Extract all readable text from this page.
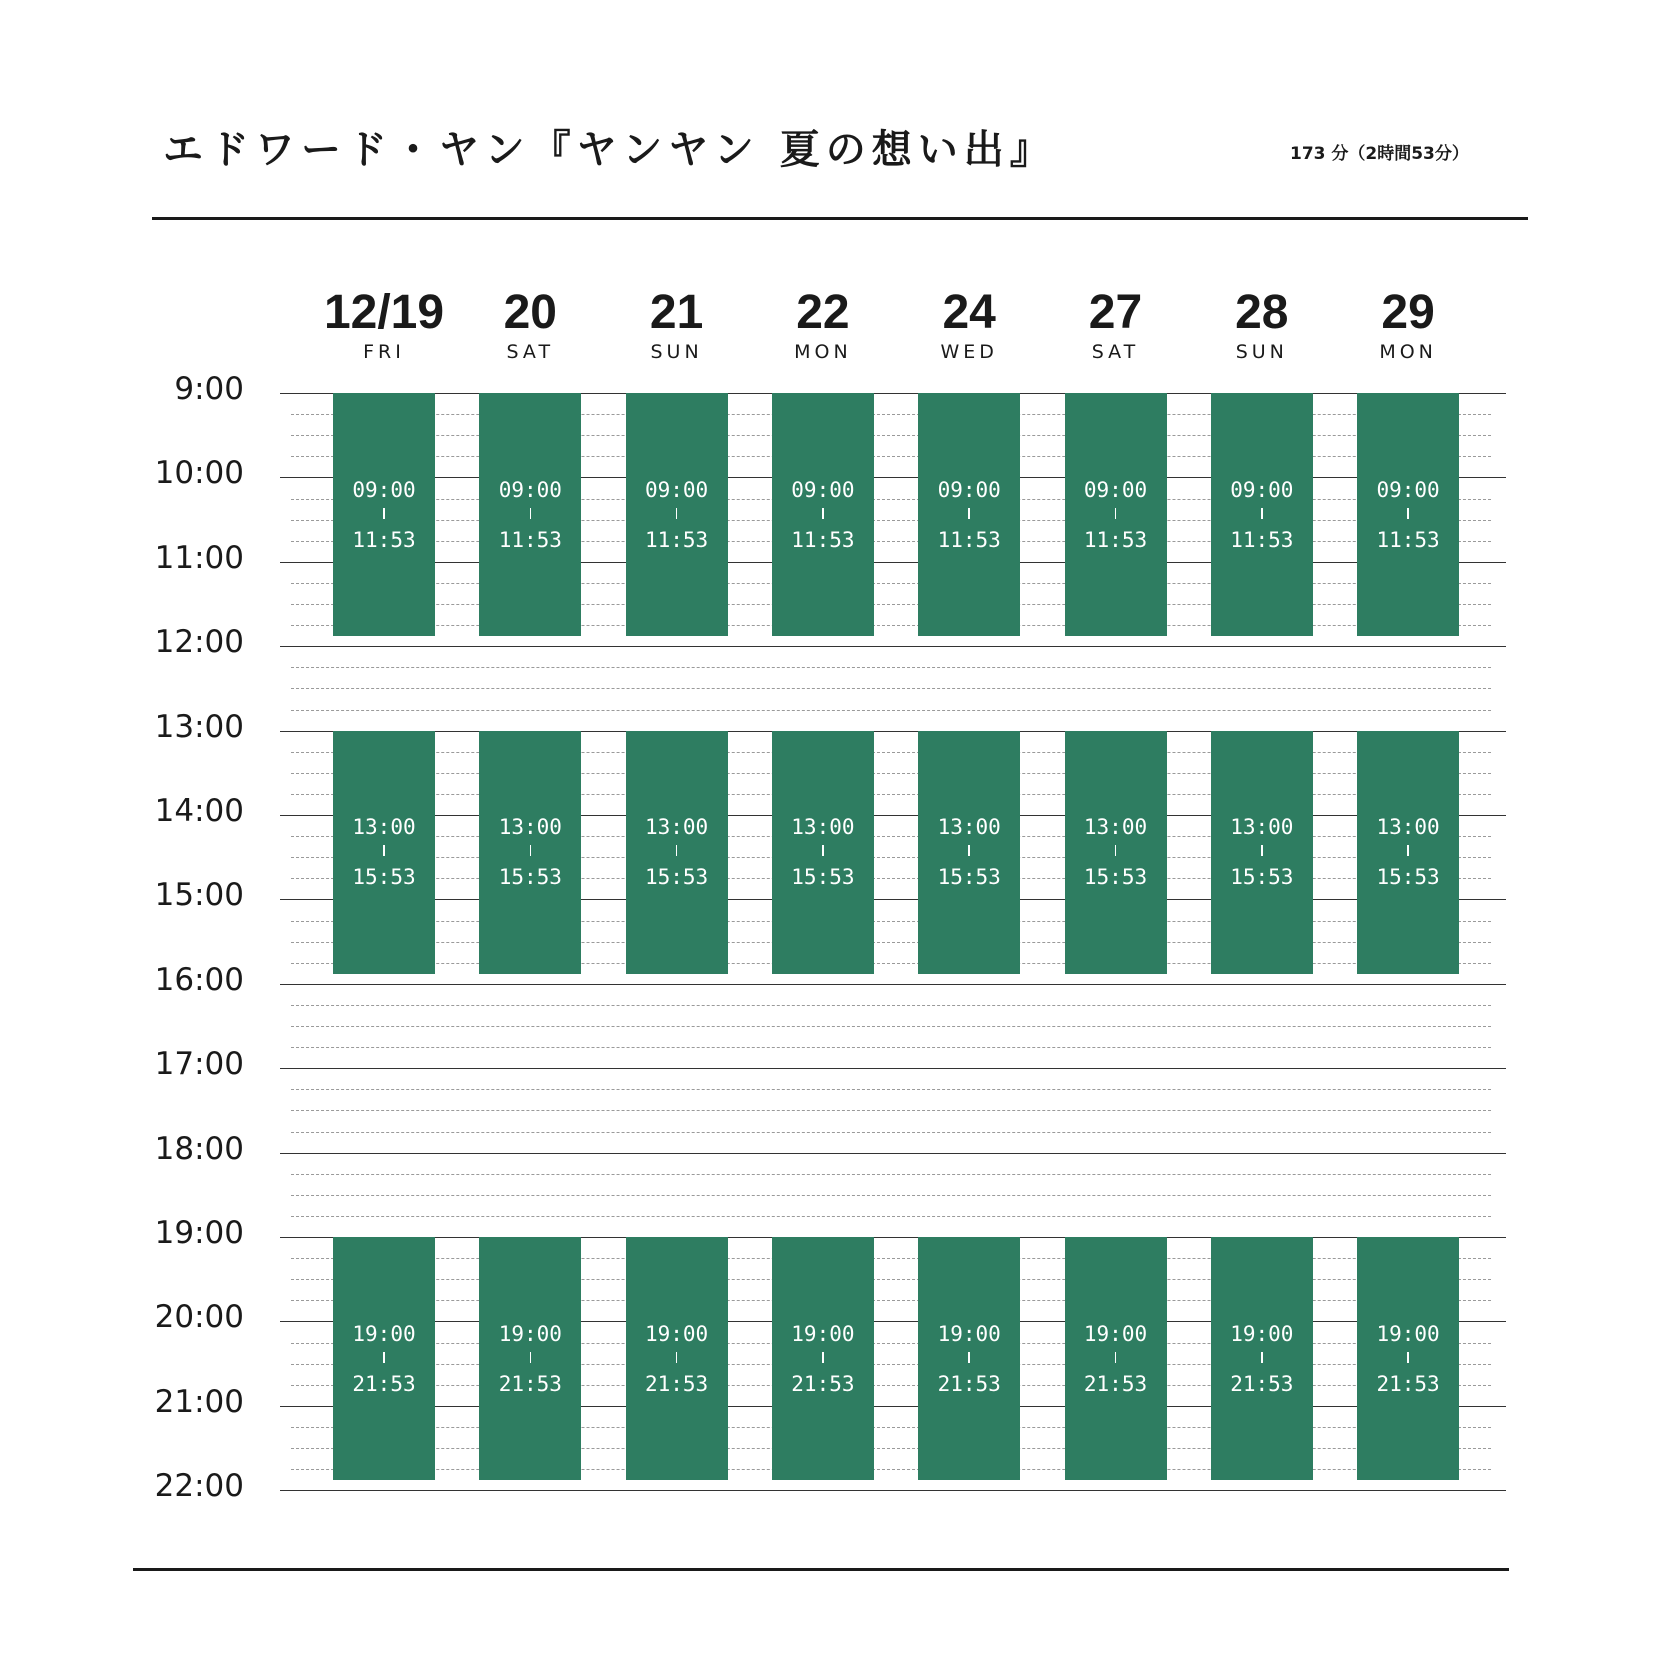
エドワード・ヤン『ヤンヤン 夏の想い出』	173 分（2時間53分）
9:00
10:00
11:00
12:00
13:00
14:00
15:00
16:00
17:00
18:00
19:00
20:00
21:00
22:00
12/19
FRI
09:00
11:53
13:00
15:53
19:00
21:53
20
SAT
09:00
11:53
13:00
15:53
19:00
21:53
21
SUN
09:00
11:53
13:00
15:53
19:00
21:53
22
MON
09:00
11:53
13:00
15:53
19:00
21:53
24
WED
09:00
11:53
13:00
15:53
19:00
21:53
27
SAT
09:00
11:53
13:00
15:53
19:00
21:53
28
SUN
09:00
11:53
13:00
15:53
19:00
21:53
29
MON
09:00
11:53
13:00
15:53
19:00
21:53
